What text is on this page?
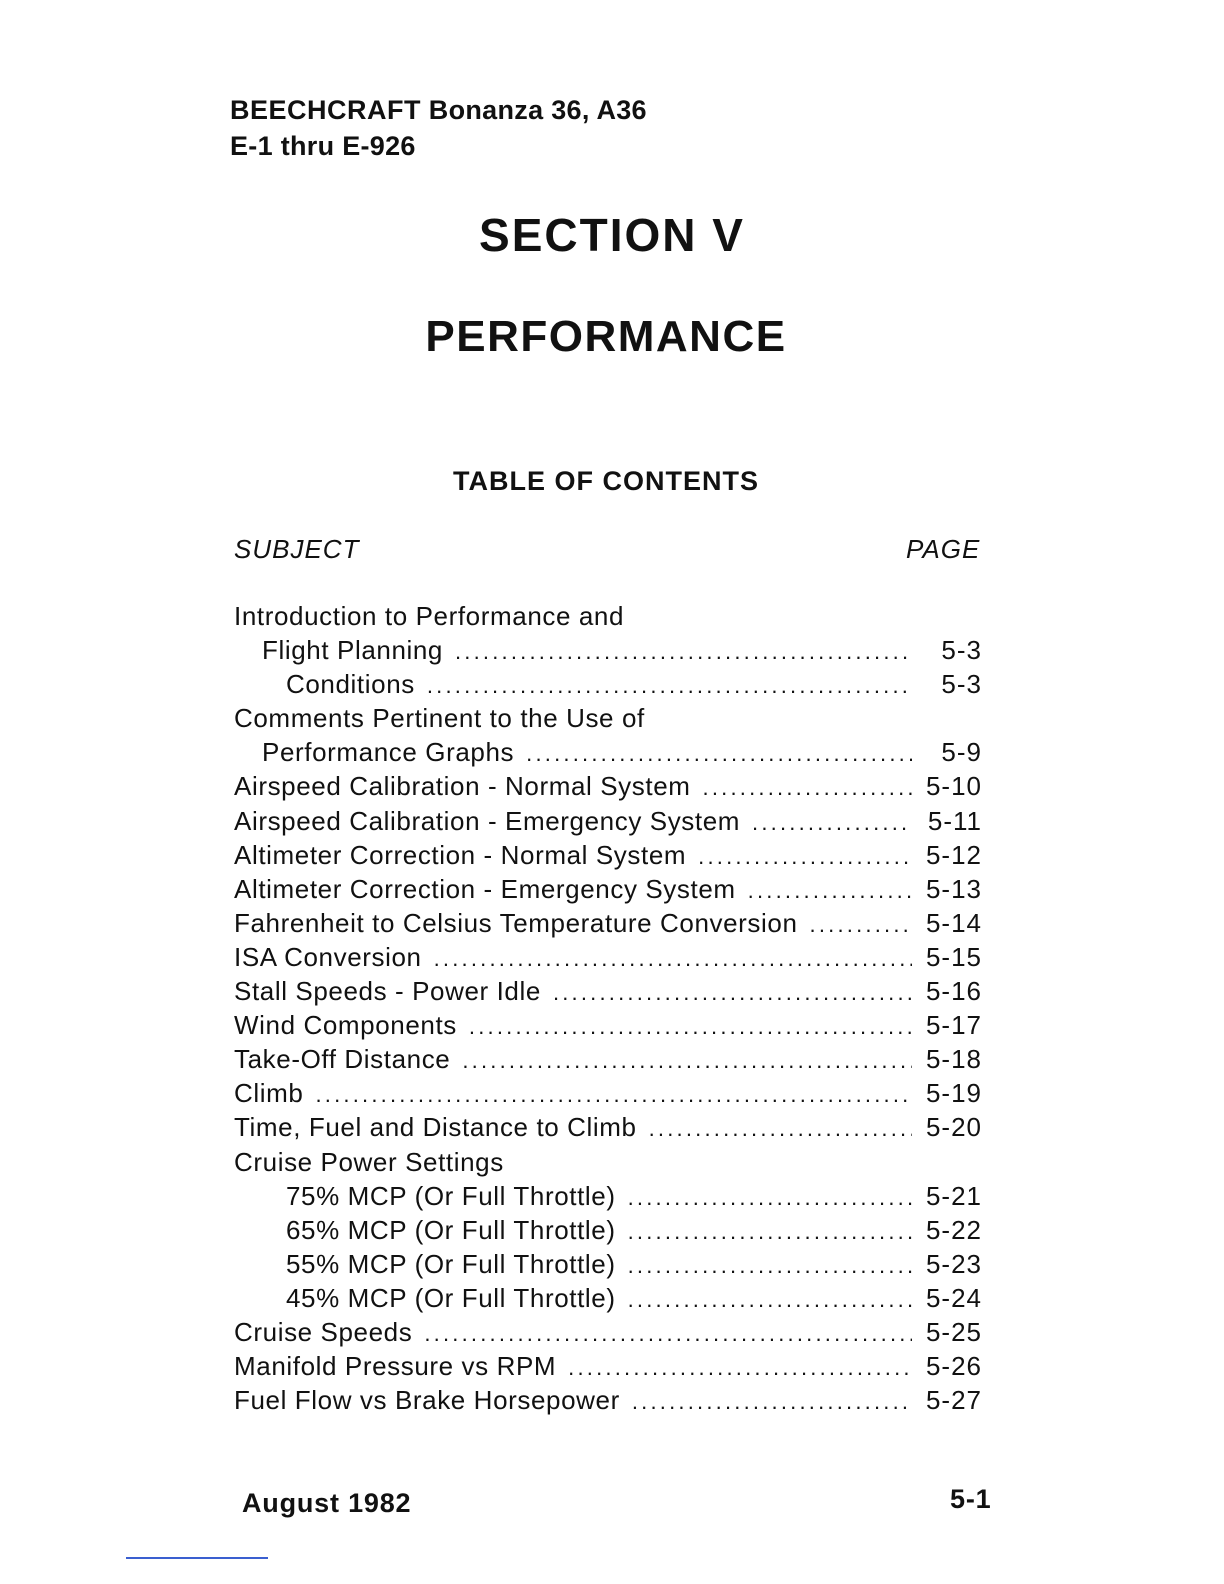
BEECHCRAFT Bonanza 36, A36
E-1 thru E-926
SECTION V
PERFORMANCE
TABLE OF CONTENTS
SUBJECT	PAGE
Introduction to Performance and
Flight Planning .....	5-3
Conditions .....	5-3
Comments Pertinent to the Use of
Performance Graphs .....	5-9
Airspeed Calibration - Normal System .....	5-10
Airspeed Calibration - Emergency System .....	5-11
Altimeter Correction - Normal System .....	5-12
Altimeter Correction - Emergency System .....	5-13
Fahrenheit to Celsius Temperature Conversion .....	5-14
ISA Conversion .....	5-15
Stall Speeds - Power Idle .....	5-16
Wind Components .....	5-17
Take-Off Distance .....	5-18
Climb .....	5-19
Time, Fuel and Distance to Climb .....	5-20
Cruise Power Settings
75% MCP (Or Full Throttle) .....	5-21
65% MCP (Or Full Throttle) .....	5-22
55% MCP (Or Full Throttle) .....	5-23
45% MCP (Or Full Throttle) .....	5-24
Cruise Speeds .....	5-25
Manifold Pressure vs RPM .....	5-26
Fuel Flow vs Brake Horsepower .....	5-27
August 1982	5-1
